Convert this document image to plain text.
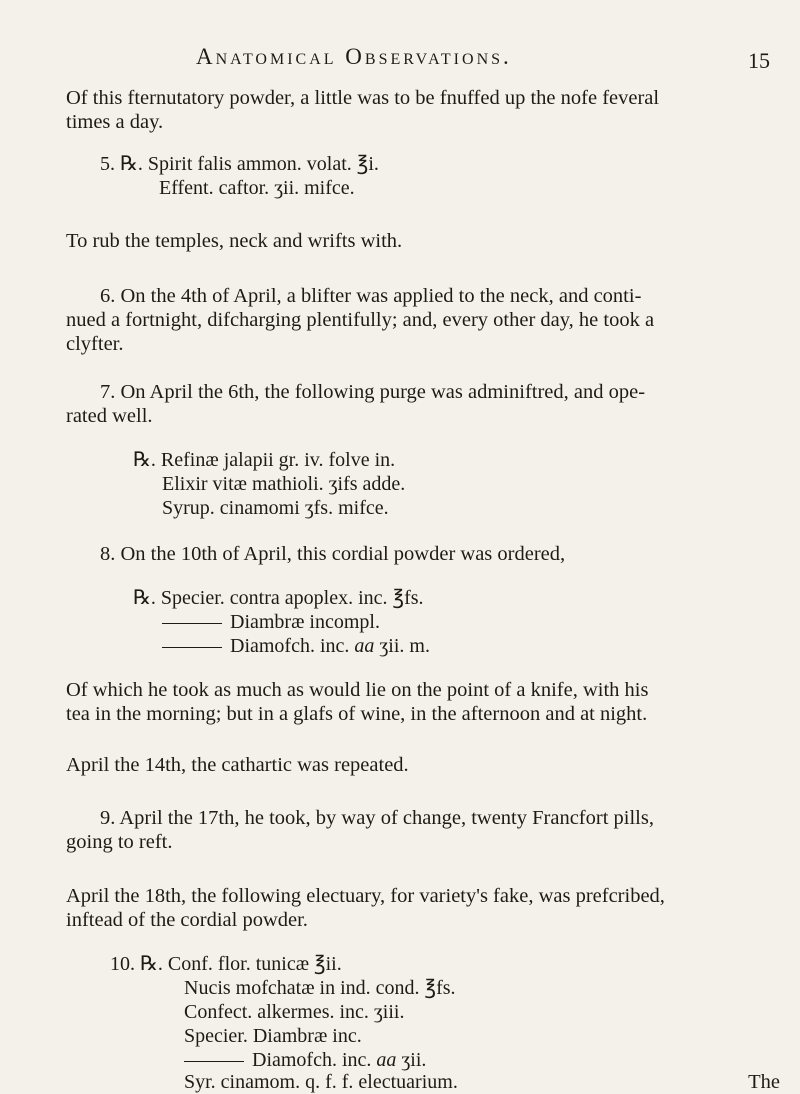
Anatomical Observations.	15
Of this fternutatory powder, a little was to be fnuffed up the nofe feveral
times a day.
5. ℞. Spirit falis ammon. volat. ℥i.
Effent. caftor. ʒii. mifce.
To rub the temples, neck and wrifts with.
6. On the 4th of April, a blifter was applied to the neck, and conti-
nued a fortnight, difcharging plentifully; and, every other day, he took a
clyfter.
7. On April the 6th, the following purge was adminiftred, and ope-
rated well.
℞. Refinæ jalapii gr. iv. folve in.
Elixir vitæ mathioli. ʒifs adde.
Syrup. cinamomi ʒfs. mifce.
8. On the 10th of April, this cordial powder was ordered,
℞. Specier. contra apoplex. inc. ℥fs.
Diambræ incompl.
Diamofch. inc. aa ʒii. m.
Of which he took as much as would lie on the point of a knife, with his
tea in the morning; but in a glafs of wine, in the afternoon and at night.
April the 14th, the cathartic was repeated.
9. April the 17th, he took, by way of change, twenty Francfort pills,
going to reft.
April the 18th, the following electuary, for variety's fake, was prefcribed,
inftead of the cordial powder.
10. ℞. Conf. flor. tunicæ ℥ii.
Nucis mofchatæ in ind. cond. ℥fs.
Confect. alkermes. inc. ʒiii.
Specier. Diambræ inc.
Diamofch. inc. aa ʒii.
Syr. cinamom. q. f. f. electuarium.	The
